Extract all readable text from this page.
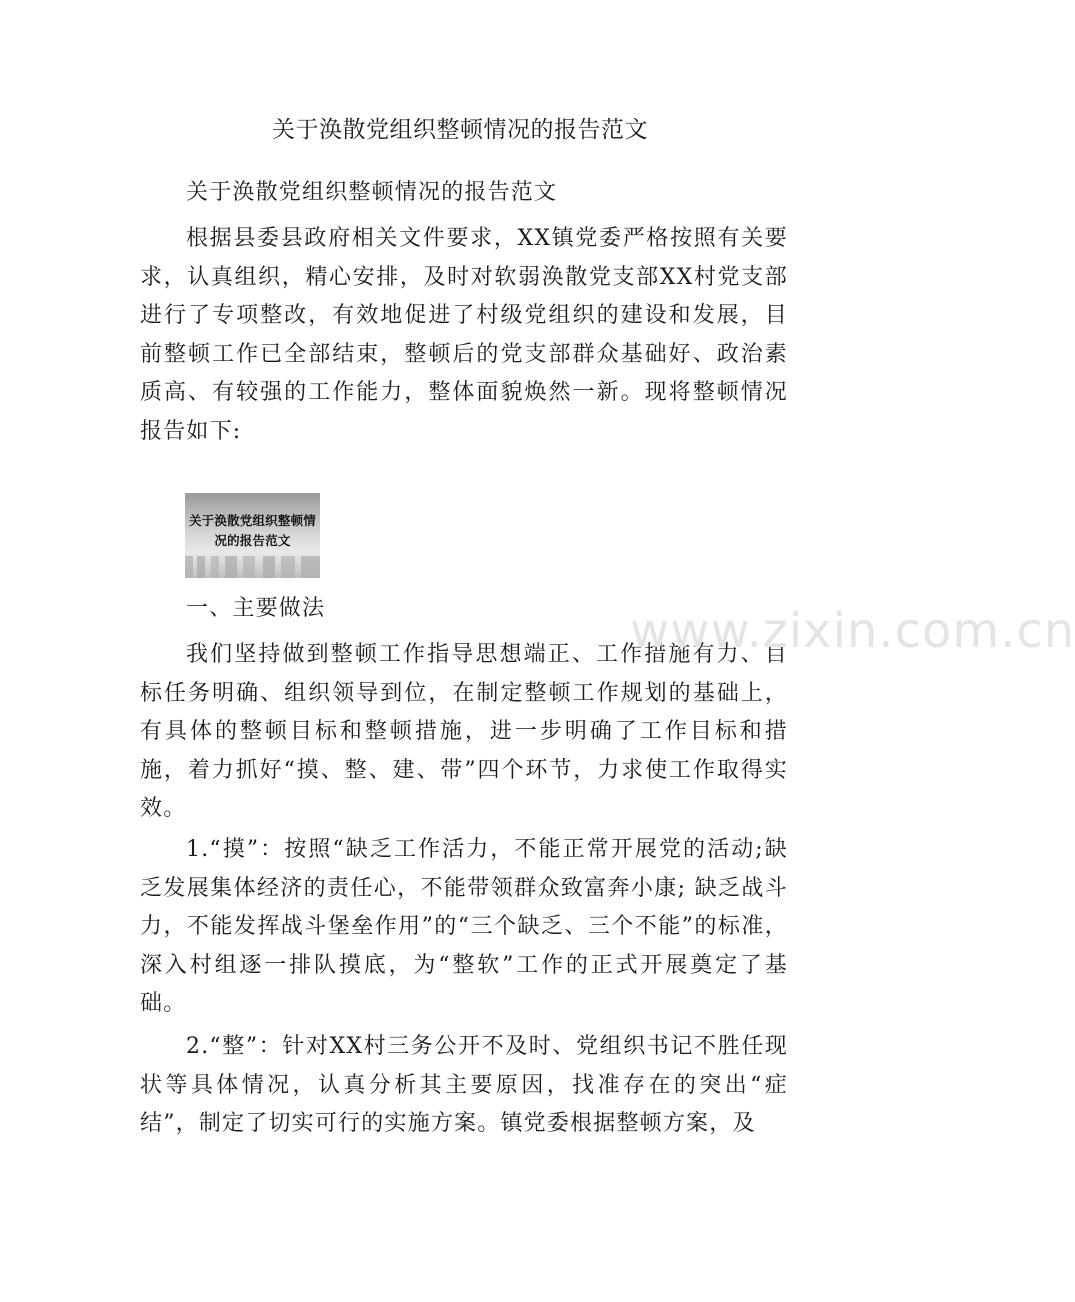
关于涣散党组织整顿情况的报告范文

关于涣散党组织整顿情况的报告范文

根据县委县政府相关文件要求，XX镇党委严格按照有关要求，认真组织，精心安排，及时对软弱涣散党支部XX村党支部进行了专项整改，有效地促进了村级党组织的建设和发展，目前整顿工作已全部结束，整顿后的党支部群众基础好、政治素质高、有较强的工作能力，整体面貌焕然一新。现将整顿情况报告如下:

关于涣散党组织整顿情况的报告范文

一、主要做法

我们坚持做到整顿工作指导思想端正、工作措施有力、目标任务明确、组织领导到位，在制定整顿工作规划的基础上，有具体的整顿目标和整顿措施，进一步明确了工作目标和措施，着力抓好“摸、整、建、带”四个环节，力求使工作取得实效。

1.“摸”：按照“缺乏工作活力，不能正常开展党的活动;缺乏发展集体经济的责任心，不能带领群众致富奔小康; 缺乏战斗力，不能发挥战斗堡垒作用”的“三个缺乏、三个不能”的标准，深入村组逐一排队摸底，为“整软”工作的正式开展奠定了基础。

2.“整”：针对XX村三务公开不及时、党组织书记不胜任现状等具体情况，认真分析其主要原因，找准存在的突出“症结”，制定了切实可行的实施方案。镇党委根据整顿方案，及

www.zixin.com.cn
